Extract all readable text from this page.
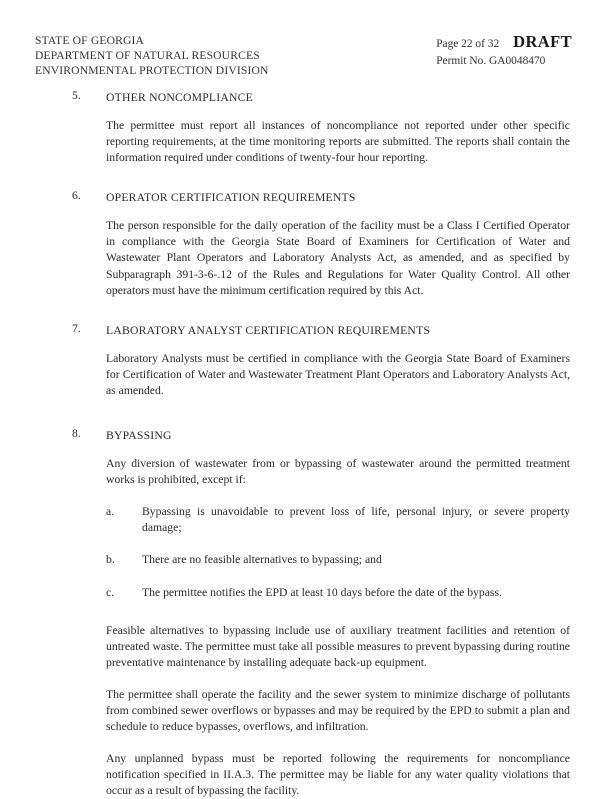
STATE OF GEORGIA
DEPARTMENT OF NATURAL RESOURCES
ENVIRONMENTAL PROTECTION DIVISION
Page 22 of 32 DRAFT
Permit No. GA0048470
5. OTHER NONCOMPLIANCE
The permittee must report all instances of noncompliance not reported under other specific reporting requirements, at the time monitoring reports are submitted. The reports shall contain the information required under conditions of twenty-four hour reporting.
6. OPERATOR CERTIFICATION REQUIREMENTS
The person responsible for the daily operation of the facility must be a Class I Certified Operator in compliance with the Georgia State Board of Examiners for Certification of Water and Wastewater Plant Operators and Laboratory Analysts Act, as amended, and as specified by Subparagraph 391-3-6-.12 of the Rules and Regulations for Water Quality Control. All other operators must have the minimum certification required by this Act.
7. LABORATORY ANALYST CERTIFICATION REQUIREMENTS
Laboratory Analysts must be certified in compliance with the Georgia State Board of Examiners for Certification of Water and Wastewater Treatment Plant Operators and Laboratory Analysts Act, as amended.
8. BYPASSING
Any diversion of wastewater from or bypassing of wastewater around the permitted treatment works is prohibited, except if:
a. Bypassing is unavoidable to prevent loss of life, personal injury, or severe property damage;
b. There are no feasible alternatives to bypassing; and
c. The permittee notifies the EPD at least 10 days before the date of the bypass.
Feasible alternatives to bypassing include use of auxiliary treatment facilities and retention of untreated waste. The permittee must take all possible measures to prevent bypassing during routine preventative maintenance by installing adequate back-up equipment.
The permittee shall operate the facility and the sewer system to minimize discharge of pollutants from combined sewer overflows or bypasses and may be required by the EPD to submit a plan and schedule to reduce bypasses, overflows, and infiltration.
Any unplanned bypass must be reported following the requirements for noncompliance notification specified in II.A.3. The permittee may be liable for any water quality violations that occur as a result of bypassing the facility.
